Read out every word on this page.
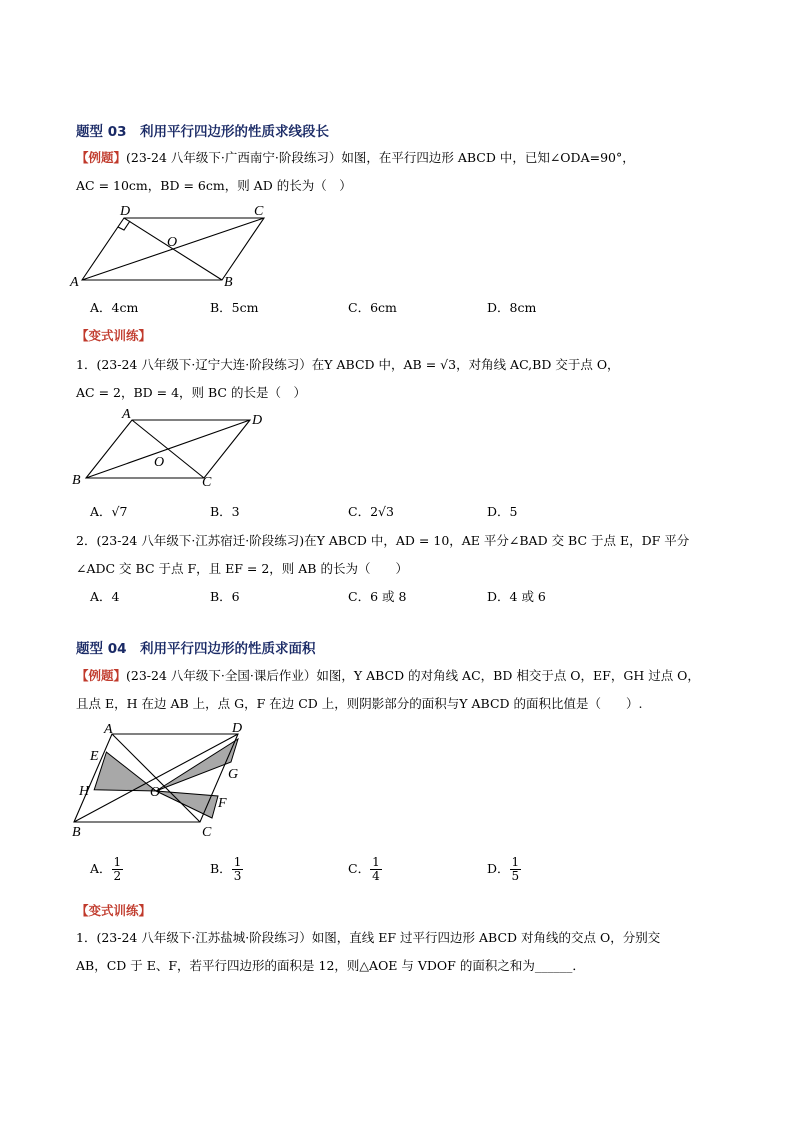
题型 03　利用平行四边形的性质求线段长
【例题】(23-24 八年级下·广西南宁·阶段练习）如图，在平行四边形 ABCD 中，已知∠ODA=90°，
AC = 10cm，BD = 6cm，则 AD 的长为（　）
A	B
C
D
O
A．4cm	B．5cm	C．6cm	D．8cm
【变式训练】
1．(23-24 八年级下·辽宁大连·阶段练习）在Y ABCD 中，AB = √3，对角线 AC,BD 交于点 O，
AC = 2，BD = 4，则 BC 的长是（　）
A
B	C
D
O
A．√7	B．3	C．2√3	D．5
2．(23-24 八年级下·江苏宿迁·阶段练习)在Y ABCD 中，AD = 10，AE 平分∠BAD 交 BC 于点 E，DF 平分
∠ADC 交 BC 于点 F，且 EF = 2，则 AB 的长为（　　）
A．4	B．6	C．6 或 8	D．4 或 6
题型 04　利用平行四边形的性质求面积
【例题】(23-24 八年级下·全国·课后作业）如图，Y ABCD 的对角线 AC，BD 相交于点 O，EF，GH 过点 O，
且点 E，H 在边 AB 上，点 G，F 在边 CD 上，则阴影部分的面积与Y ABCD 的面积比值是（　　）.
A
B	C
D
E
F
G
H	O
A． $\frac{1}{2}$	B． $\frac{1}{3}$	C． $\frac{1}{4}$	D． $\frac{1}{5}$
【变式训练】
1．(23-24 八年级下·江苏盐城·阶段练习）如图，直线 EF 过平行四边形 ABCD 对角线的交点 O，分别交
AB，CD 于 E、F，若平行四边形的面积是 12，则△AOE 与 VDOF 的面积之和为______．
